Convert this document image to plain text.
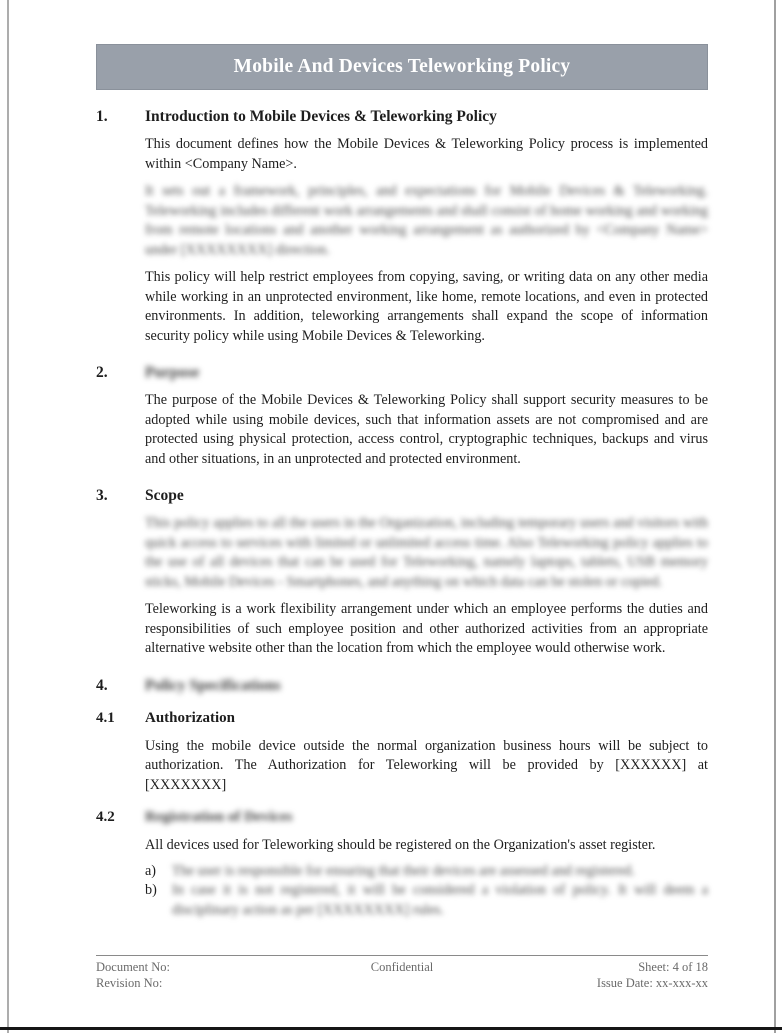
Mobile And Devices Teleworking Policy
1.	Introduction to Mobile Devices & Teleworking Policy

This document defines how the Mobile Devices & Teleworking Policy process is implemented within <Company Name>.

It sets out a framework, principles, and expectations for Mobile Devices & Teleworking. Teleworking includes different work arrangements and shall consist of home working and working from remote locations and another working arrangement as authorized by <Company Name> under [XXXXXXXX] direction.

This policy will help restrict employees from copying, saving, or writing data on any other media while working in an unprotected environment, like home, remote locations, and even in protected environments. In addition, teleworking arrangements shall expand the scope of information security policy while using Mobile Devices & Teleworking.

2.	Purpose

The purpose of the Mobile Devices & Teleworking Policy shall support security measures to be adopted while using mobile devices, such that information assets are not compromised and are protected using physical protection, access control, cryptographic techniques, backups and virus and other situations, in an unprotected and protected environment.

3.	Scope

This policy applies to all the users in the Organization, including temporary users and visitors with quick access to services with limited or unlimited access time. Also Teleworking policy applies to the use of all devices that can be used for Teleworking, namely laptops, tablets, USB memory sticks, Mobile Devices - Smartphones, and anything on which data can be stolen or copied.

Teleworking is a work flexibility arrangement under which an employee performs the duties and responsibilities of such employee position and other authorized activities from an appropriate alternative website other than the location from which the employee would otherwise work.

4.	Policy Specifications
4.1	Authorization

Using the mobile device outside the normal organization business hours will be subject to authorization. The Authorization for Teleworking will be provided by [XXXXXX] at [XXXXXXX]

4.2	Registration of Devices

All devices used for Teleworking should be registered on the Organization's asset register.

a)	The user is responsible for ensuring that their devices are assessed and registered.
b)	In case it is not registered, it will be considered a violation of policy. It will deem a disciplinary action as per [XXXXXXXX] rules.
Document No:
Revision No:
Confidential	Sheet: 4 of 18
Issue Date: xx-xxx-xx
